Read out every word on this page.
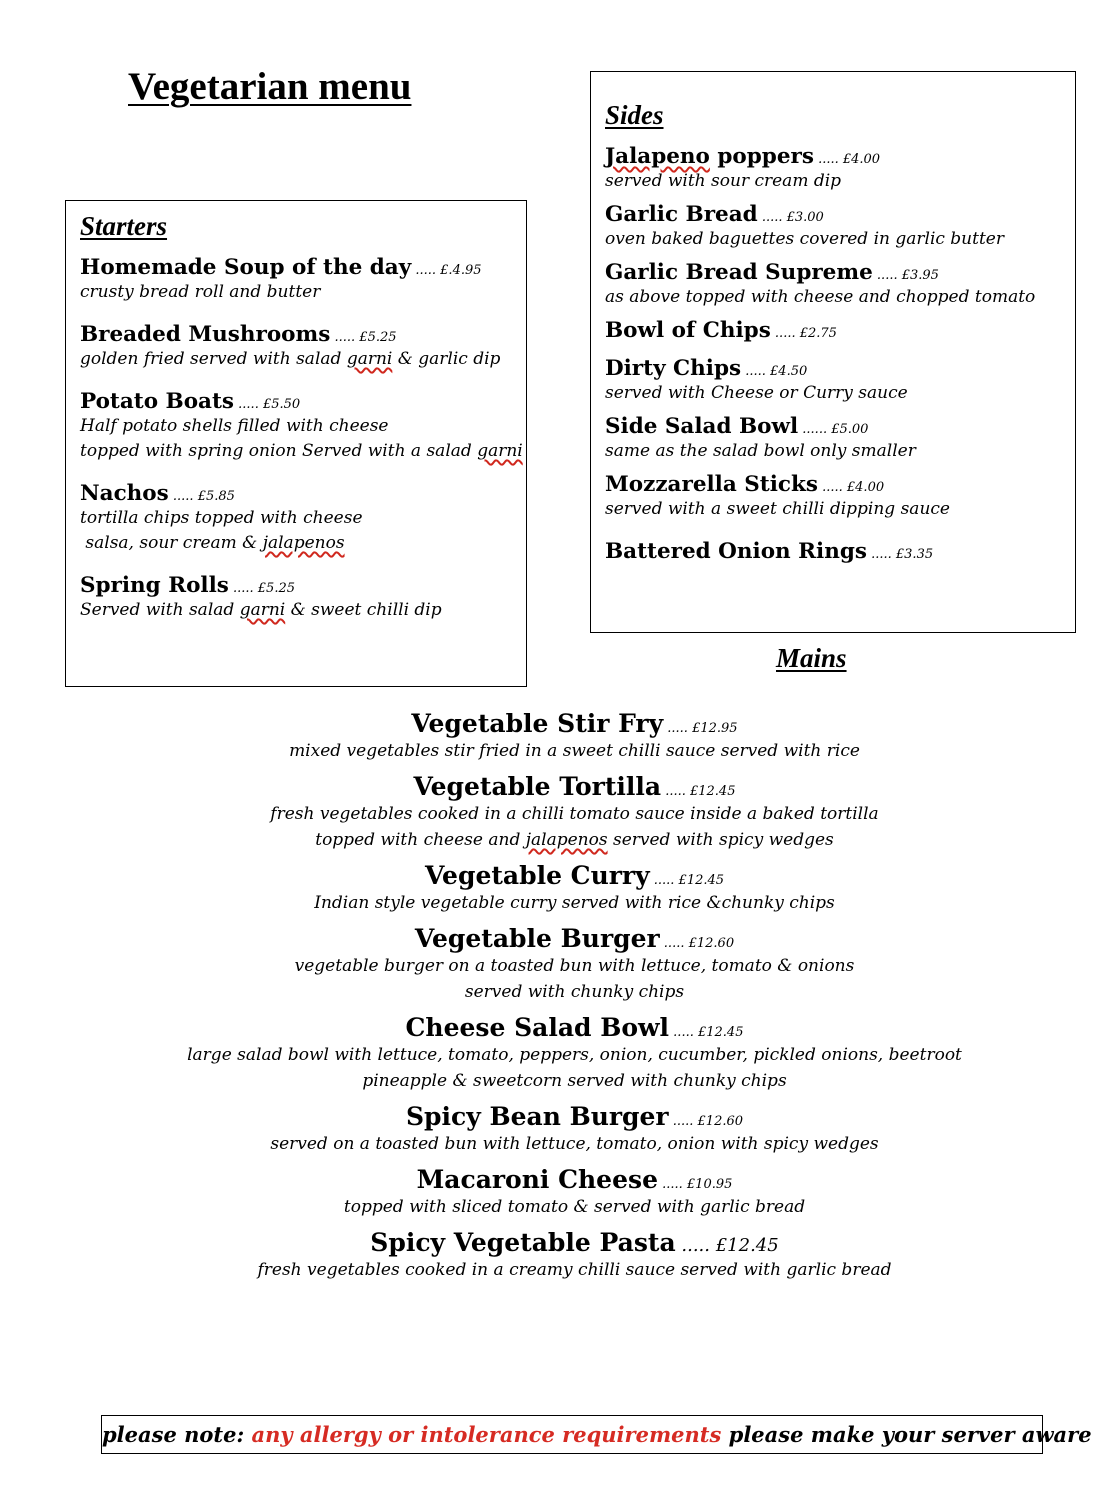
Vegetarian menu

Starters

Homemade Soup of the day ..... £.4.95
crusty bread roll and butter
Breaded Mushrooms ..... £5.25
golden fried served with salad garni & garlic dip
Potato Boats ..... £5.50
Half potato shells filled with cheese
topped with spring onion Served with a salad garni
Nachos ..... £5.85
tortilla chips topped with cheese
salsa, sour cream & jalapenos
Spring Rolls ..... £5.25
Served with salad garni & sweet chilli dip

Sides

Jalapeno poppers ..... £4.00
served with sour cream dip
Garlic Bread ..... £3.00
oven baked baguettes covered in garlic butter
Garlic Bread Supreme ..... £3.95
as above topped with cheese and chopped tomato
Bowl of Chips ..... £2.75
Dirty Chips ..... £4.50
served with Cheese or Curry sauce
Side Salad Bowl ...... £5.00
same as the salad bowl only smaller
Mozzarella Sticks ..... £4.00
served with a sweet chilli dipping sauce
Battered Onion Rings ..... £3.35

Mains

Vegetable Stir Fry ..... £12.95
mixed vegetables stir fried in a sweet chilli sauce served with rice
Vegetable Tortilla ..... £12.45
fresh vegetables cooked in a chilli tomato sauce inside a baked tortilla
topped with cheese and jalapenos served with spicy wedges
Vegetable Curry ..... £12.45
Indian style vegetable curry served with rice &chunky chips
Vegetable Burger ..... £12.60
vegetable burger on a toasted bun with lettuce, tomato & onions
served with chunky chips
Cheese Salad Bowl ..... £12.45
large salad bowl with lettuce, tomato, peppers, onion, cucumber, pickled onions, beetroot
pineapple & sweetcorn served with chunky chips
Spicy Bean Burger ..... £12.60
served on a toasted bun with lettuce, tomato, onion with spicy wedges
Macaroni Cheese ..... £10.95
topped with sliced tomato & served with garlic bread
Spicy Vegetable Pasta ..... £12.45
fresh vegetables cooked in a creamy chilli sauce served with garlic bread
please note: any allergy or intolerance requirements please make your server aware
